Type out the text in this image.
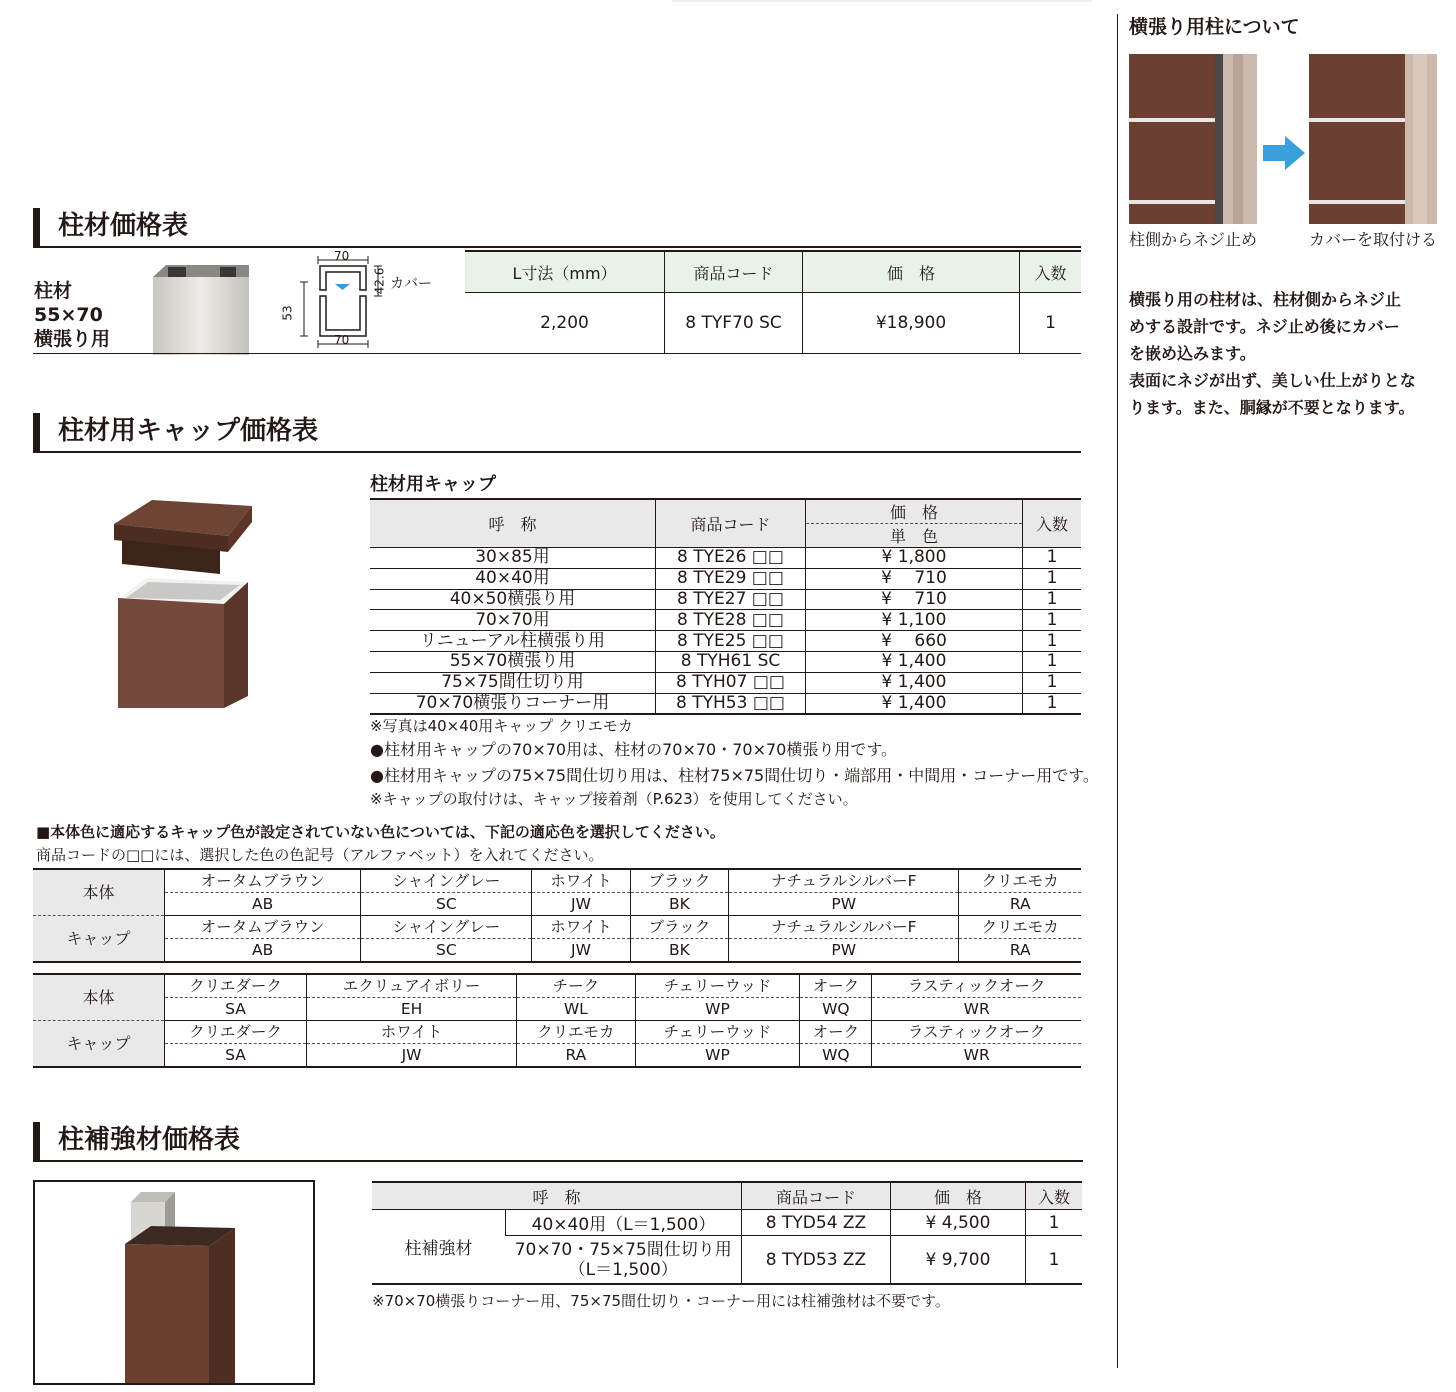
柱材価格表
柱材
55×70
横張り用
70
70
53
42.6 カバー
L寸法（mm）	商品コード	価　格	入数
2,200	8 TYF70 SC	¥18,900	1
柱材用キャップ価格表
柱材用キャップ
呼　称	商品コード	価　格	入数
		単　色	
30×85用	8 TYE26 □□	¥ 1,800	1
40×40用	8 TYE29 □□	¥　 710	1
40×50横張り用	8 TYE27 □□	¥　 710	1
70×70用	8 TYE28 □□	¥ 1,100	1
リニューアル柱横張り用	8 TYE25 □□	¥　 660	1
55×70横張り用	8 TYH61 SC	¥ 1,400	1
75×75間仕切り用	8 TYH07 □□	¥ 1,400	1
70×70横張りコーナー用	8 TYH53 □□	¥ 1,400	1
※写真は40×40用キャップ クリエモカ
●柱材用キャップの70×70用は、柱材の70×70・70×70横張り用です。
●柱材用キャップの75×75間仕切り用は、柱材75×75間仕切り・端部用・中間用・コーナー用です。
※キャップの取付けは、キャップ接着剤（P.623）を使用してください。
■本体色に適応するキャップ色が設定されていない色については、下記の適応色を選択してください。
商品コードの□□には、選択した色の色記号（アルファベット）を入れてください。
本体	オータムブラウン	シャイングレー	ホワイト	ブラック	ナチュラルシルバーF	クリエモカ
	AB	SC	JW	BK	PW	RA
キャップ	オータムブラウン	シャイングレー	ホワイト	ブラック	ナチュラルシルバーF	クリエモカ
	AB	SC	JW	BK	PW	RA
本体	クリエダーク	エクリュアイボリー	チーク	チェリーウッド	オーク	ラスティックオーク
	SA	EH	WL	WP	WQ	WR
キャップ	クリエダーク	ホワイト	クリエモカ	チェリーウッド	オーク	ラスティックオーク
	SA	JW	RA	WP	WQ	WR
柱補強材価格表
呼　称		商品コード	価　格	入数
柱補強材	40×40用（L＝1,500）	8 TYD54 ZZ	¥ 4,500	1

	70×70・75×75間仕切り用
（L＝1,500）	8 TYD53 ZZ	¥ 9,700	1
※70×70横張りコーナー用、75×75間仕切り・コーナー用には柱補強材は不要です。
横張り用柱について
柱側からネジ止め	カバーを取付ける
横張り用の柱材は、柱材側からネジ止
めする設計です。ネジ止め後にカバー
を嵌め込みます。
表面にネジが出ず、美しい仕上がりとな
ります。また、胴縁が不要となります。
